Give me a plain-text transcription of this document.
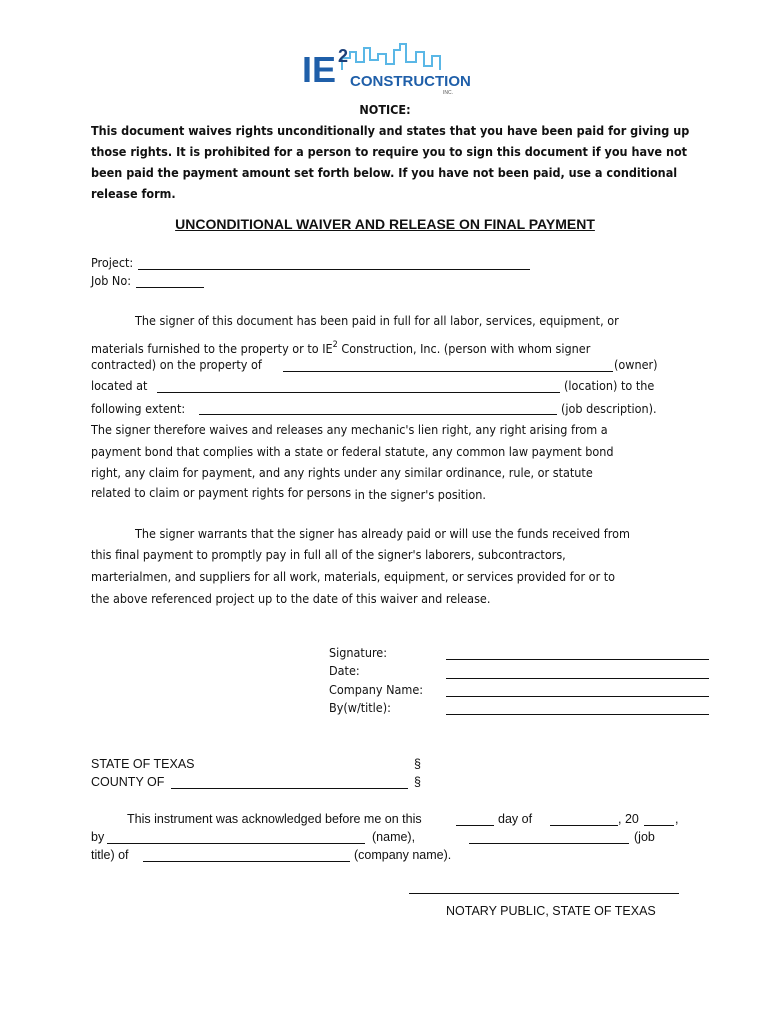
IE 2
CONSTRUCTION
INC.
NOTICE:
This document waives rights unconditionally and states that you have been paid for giving up those rights. It is prohibited for a person to require you to sign this document if you have not been paid the payment amount set forth below. If you have not been paid, use a conditional release form.
UNCONDITIONAL WAIVER AND RELEASE ON FINAL PAYMENT
Project:
Job No:
The signer of this document has been paid in full for all labor, services, equipment, or
materials furnished to the property or to $IE^2$ Construction, Inc. (person with whom signer
contracted) on the property of	(owner)
located at	(location) to the
following extent:	(job description).
The signer therefore waives and releases any mechanic's lien right, any right arising from a
payment bond that complies with a state or federal statute, any common law payment bond
right, any claim for payment, and any rights under any similar ordinance, rule, or statute
related to claim or payment rights for persons in the signer's position.
The signer warrants that the signer has already paid or will use the funds received from
this final payment to promptly pay in full all of the signer's laborers, subcontractors,
marterialmen, and suppliers for all work, materials, equipment, or services provided for or to
the above referenced project up to the date of this waiver and release.
Signature:
Date:
Company Name:
By(w/title):
STATE OF TEXAS	§
COUNTY OF	§
This instrument was acknowledged before me on this	day of	, 20	,
by	(name),	(job
title) of	(company name).
NOTARY PUBLIC, STATE OF TEXAS
